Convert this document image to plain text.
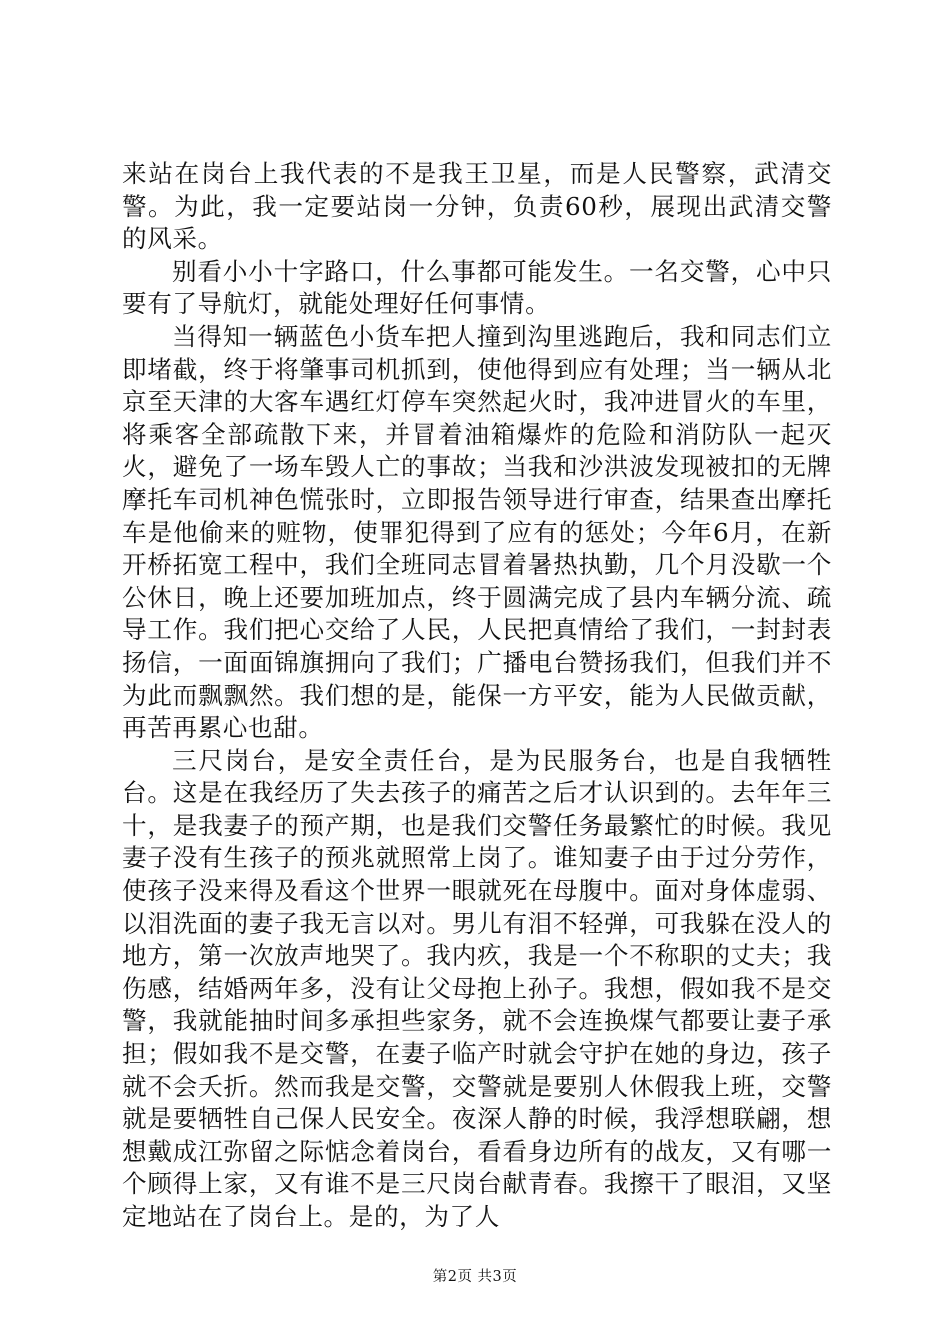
来站在岗台上我代表的不是我王卫星，而是人民警察，武清交警。为此，我一定要站岗一分钟，负责60秒，展现出武清交警的风采。

别看小小十字路口，什么事都可能发生。一名交警，心中只要有了导航灯，就能处理好任何事情。

当得知一辆蓝色小货车把人撞到沟里逃跑后，我和同志们立即堵截，终于将肇事司机抓到，使他得到应有处理；当一辆从北京至天津的大客车遇红灯停车突然起火时，我冲进冒火的车里，将乘客全部疏散下来，并冒着油箱爆炸的危险和消防队一起灭火，避免了一场车毁人亡的事故；当我和沙洪波发现被扣的无牌摩托车司机神色慌张时，立即报告领导进行审查，结果查出摩托车是他偷来的赃物，使罪犯得到了应有的惩处；今年6月，在新开桥拓宽工程中，我们全班同志冒着暑热执勤，几个月没歇一个公休日，晚上还要加班加点，终于圆满完成了县内车辆分流、疏导工作。我们把心交给了人民，人民把真情给了我们，一封封表扬信，一面面锦旗拥向了我们；广播电台赞扬我们，但我们并不为此而飘飘然。我们想的是，能保一方平安，能为人民做贡献，再苦再累心也甜。

三尺岗台，是安全责任台，是为民服务台，也是自我牺牲台。这是在我经历了失去孩子的痛苦之后才认识到的。去年年三十，是我妻子的预产期，也是我们交警任务最繁忙的时候。我见妻子没有生孩子的预兆就照常上岗了。谁知妻子由于过分劳作，使孩子没来得及看这个世界一眼就死在母腹中。面对身体虚弱、以泪洗面的妻子我无言以对。男儿有泪不轻弹，可我躲在没人的地方，第一次放声地哭了。我内疚，我是一个不称职的丈夫；我伤感，结婚两年多，没有让父母抱上孙子。我想，假如我不是交警，我就能抽时间多承担些家务，就不会连换煤气都要让妻子承担；假如我不是交警，在妻子临产时就会守护在她的身边，孩子就不会夭折。然而我是交警，交警就是要别人休假我上班，交警就是要牺牲自己保人民安全。夜深人静的时候，我浮想联翩，想想戴成江弥留之际惦念着岗台，看看身边所有的战友，又有哪一个顾得上家，又有谁不是三尺岗台献青春。我擦干了眼泪，又坚定地站在了岗台上。是的，为了人

第2页 共3页
